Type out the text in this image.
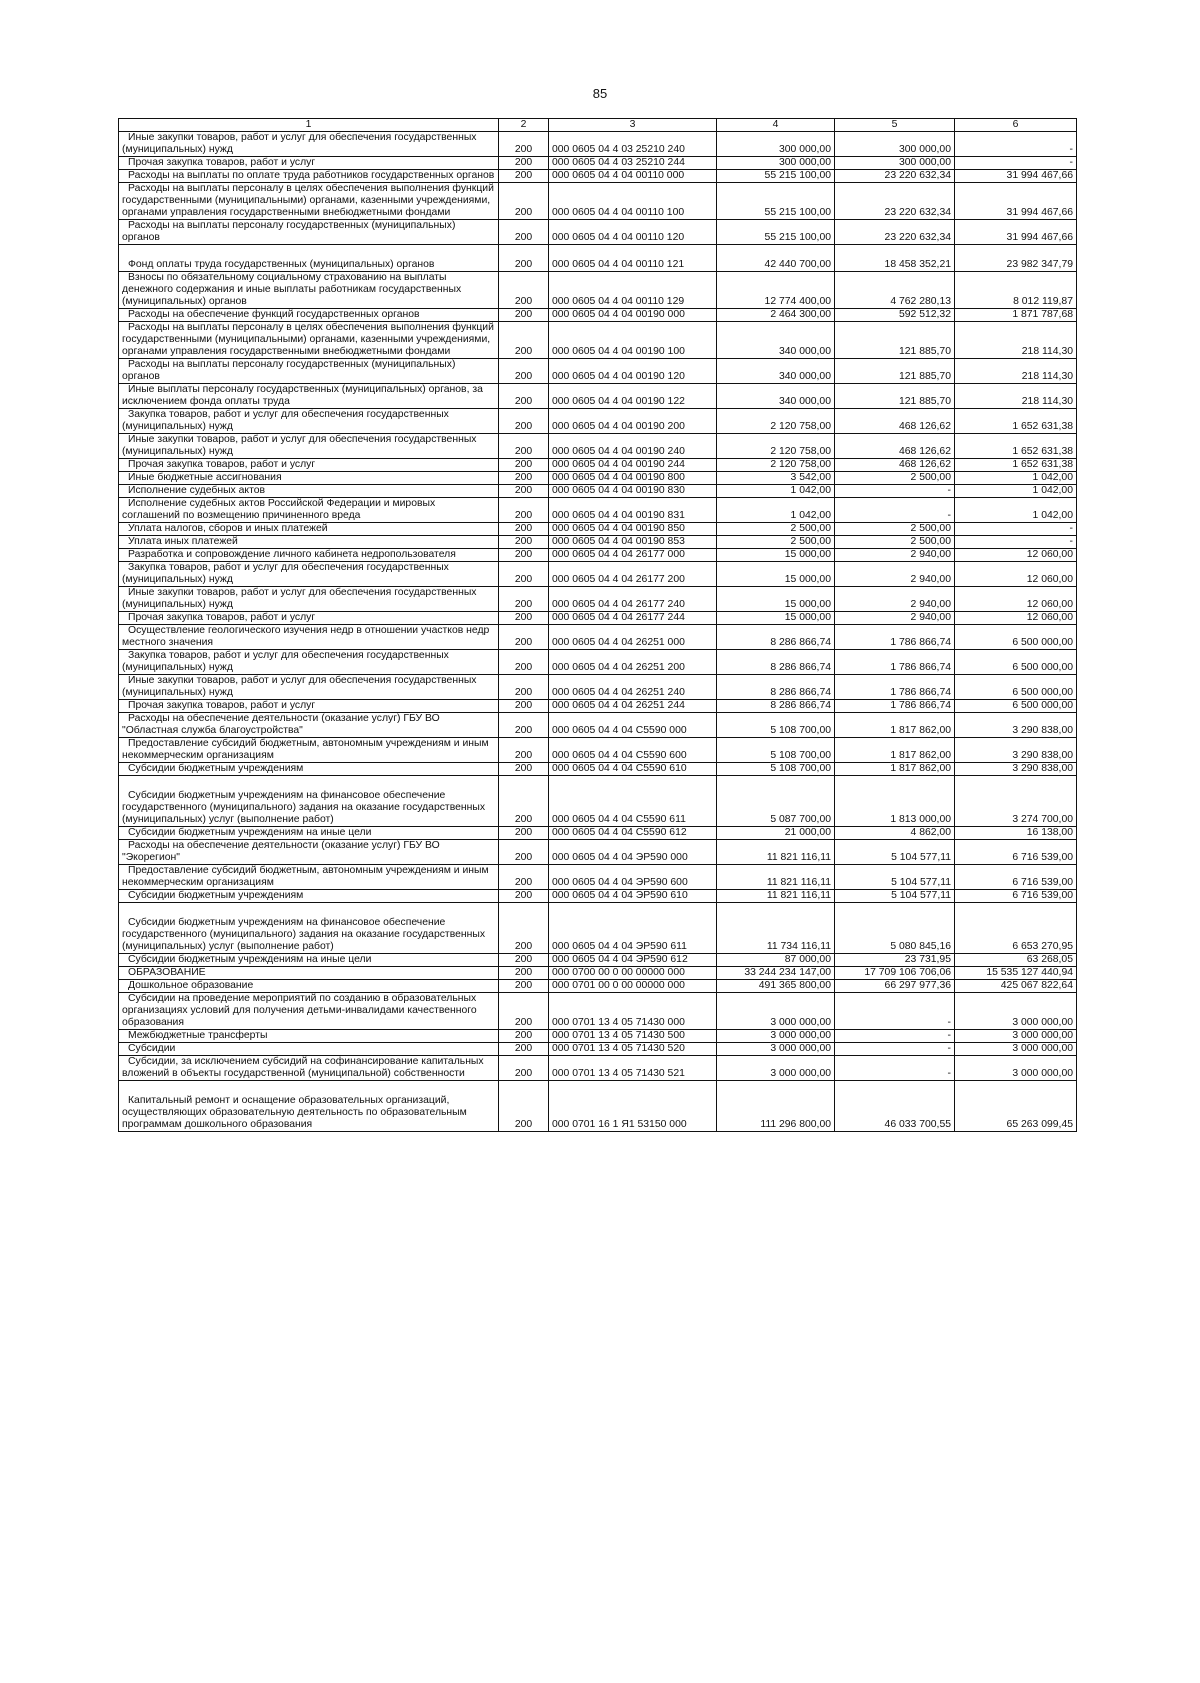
85
1	2	3	4	5	6

Иные закупки товаров, работ и услуг для обеспечения государственных (муниципальных) нужд	200	000 0605 04 4 03 25210 240	300 000,00	300 000,00	-

Прочая закупка товаров, работ и услуг	200	000 0605 04 4 03 25210 244	300 000,00	300 000,00	-

Расходы на выплаты по оплате труда работников государственных органов	200	000 0605 04 4 04 00110 000	55 215 100,00	23 220 632,34	31 994 467,66

Расходы на выплаты персоналу в целях обеспечения выполнения функций государственными (муниципальными) органами, казенными учреждениями, органами управления государственными внебюджетными фондами	200	000 0605 04 4 04 00110 100	55 215 100,00	23 220 632,34	31 994 467,66

Расходы на выплаты персоналу государственных (муниципальных) органов	200	000 0605 04 4 04 00110 120	55 215 100,00	23 220 632,34	31 994 467,66

Фонд оплаты труда государственных (муниципальных) органов	200	000 0605 04 4 04 00110 121	42 440 700,00	18 458 352,21	23 982 347,79

Взносы по обязательному социальному страхованию на выплаты денежного содержания и иные выплаты работникам государственных (муниципальных) органов	200	000 0605 04 4 04 00110 129	12 774 400,00	4 762 280,13	8 012 119,87

Расходы на обеспечение функций государственных органов	200	000 0605 04 4 04 00190 000	2 464 300,00	592 512,32	1 871 787,68

Расходы на выплаты персоналу в целях обеспечения выполнения функций государственными (муниципальными) органами, казенными учреждениями, органами управления государственными внебюджетными фондами	200	000 0605 04 4 04 00190 100	340 000,00	121 885,70	218 114,30

Расходы на выплаты персоналу государственных (муниципальных) органов	200	000 0605 04 4 04 00190 120	340 000,00	121 885,70	218 114,30

Иные выплаты персоналу государственных (муниципальных) органов, за исключением фонда оплаты труда	200	000 0605 04 4 04 00190 122	340 000,00	121 885,70	218 114,30

Закупка товаров, работ и услуг для обеспечения государственных (муниципальных) нужд	200	000 0605 04 4 04 00190 200	2 120 758,00	468 126,62	1 652 631,38

Иные закупки товаров, работ и услуг для обеспечения государственных (муниципальных) нужд	200	000 0605 04 4 04 00190 240	2 120 758,00	468 126,62	1 652 631,38

Прочая закупка товаров, работ и услуг	200	000 0605 04 4 04 00190 244	2 120 758,00	468 126,62	1 652 631,38

Иные бюджетные ассигнования	200	000 0605 04 4 04 00190 800	3 542,00	2 500,00	1 042,00

Исполнение судебных актов	200	000 0605 04 4 04 00190 830	1 042,00	-	1 042,00

Исполнение судебных актов Российской Федерации и мировых соглашений по возмещению причиненного вреда	200	000 0605 04 4 04 00190 831	1 042,00	-	1 042,00

Уплата налогов, сборов и иных платежей	200	000 0605 04 4 04 00190 850	2 500,00	2 500,00	-

Уплата иных платежей	200	000 0605 04 4 04 00190 853	2 500,00	2 500,00	-

Разработка и сопровождение личного кабинета недропользователя	200	000 0605 04 4 04 26177 000	15 000,00	2 940,00	12 060,00

Закупка товаров, работ и услуг для обеспечения государственных (муниципальных) нужд	200	000 0605 04 4 04 26177 200	15 000,00	2 940,00	12 060,00

Иные закупки товаров, работ и услуг для обеспечения государственных (муниципальных) нужд	200	000 0605 04 4 04 26177 240	15 000,00	2 940,00	12 060,00

Прочая закупка товаров, работ и услуг	200	000 0605 04 4 04 26177 244	15 000,00	2 940,00	12 060,00

Осуществление геологического изучения недр в отношении участков недр местного значения	200	000 0605 04 4 04 26251 000	8 286 866,74	1 786 866,74	6 500 000,00

Закупка товаров, работ и услуг для обеспечения государственных (муниципальных) нужд	200	000 0605 04 4 04 26251 200	8 286 866,74	1 786 866,74	6 500 000,00

Иные закупки товаров, работ и услуг для обеспечения государственных (муниципальных) нужд	200	000 0605 04 4 04 26251 240	8 286 866,74	1 786 866,74	6 500 000,00

Прочая закупка товаров, работ и услуг	200	000 0605 04 4 04 26251 244	8 286 866,74	1 786 866,74	6 500 000,00

Расходы на обеспечение деятельности (оказание услуг) ГБУ ВО "Областная служба благоустройства"	200	000 0605 04 4 04 С5590 000	5 108 700,00	1 817 862,00	3 290 838,00

Предоставление субсидий бюджетным, автономным учреждениям и иным некоммерческим организациям	200	000 0605 04 4 04 С5590 600	5 108 700,00	1 817 862,00	3 290 838,00

Субсидии бюджетным учреждениям	200	000 0605 04 4 04 С5590 610	5 108 700,00	1 817 862,00	3 290 838,00

Субсидии бюджетным учреждениям на финансовое обеспечение государственного (муниципального) задания на оказание государственных (муниципальных) услуг (выполнение работ)	200	000 0605 04 4 04 С5590 611	5 087 700,00	1 813 000,00	3 274 700,00

Субсидии бюджетным учреждениям на иные цели	200	000 0605 04 4 04 С5590 612	21 000,00	4 862,00	16 138,00

Расходы на обеспечение деятельности (оказание услуг) ГБУ ВО "Экорегион"	200	000 0605 04 4 04 ЭР590 000	11 821 116,11	5 104 577,11	6 716 539,00

Предоставление субсидий бюджетным, автономным учреждениям и иным некоммерческим организациям	200	000 0605 04 4 04 ЭР590 600	11 821 116,11	5 104 577,11	6 716 539,00

Субсидии бюджетным учреждениям	200	000 0605 04 4 04 ЭР590 610	11 821 116,11	5 104 577,11	6 716 539,00

Субсидии бюджетным учреждениям на финансовое обеспечение государственного (муниципального) задания на оказание государственных (муниципальных) услуг (выполнение работ)	200	000 0605 04 4 04 ЭР590 611	11 734 116,11	5 080 845,16	6 653 270,95

Субсидии бюджетным учреждениям на иные цели	200	000 0605 04 4 04 ЭР590 612	87 000,00	23 731,95	63 268,05

ОБРАЗОВАНИЕ	200	000 0700 00 0 00 00000 000	33 244 234 147,00	17 709 106 706,06	15 535 127 440,94

Дошкольное образование	200	000 0701 00 0 00 00000 000	491 365 800,00	66 297 977,36	425 067 822,64

Субсидии на проведение мероприятий по созданию в образовательных организациях условий для получения детьми-инвалидами качественного образования	200	000 0701 13 4 05 71430 000	3 000 000,00	-	3 000 000,00

Межбюджетные трансферты	200	000 0701 13 4 05 71430 500	3 000 000,00	-	3 000 000,00

Субсидии	200	000 0701 13 4 05 71430 520	3 000 000,00	-	3 000 000,00

Субсидии, за исключением субсидий на софинансирование капитальных вложений в объекты государственной (муниципальной) собственности	200	000 0701 13 4 05 71430 521	3 000 000,00	-	3 000 000,00

Капитальный ремонт и оснащение образовательных организаций, осуществляющих образовательную деятельность по образовательным программам дошкольного образования	200	000 0701 16 1 Я1 53150 000	111 296 800,00	46 033 700,55	65 263 099,45
